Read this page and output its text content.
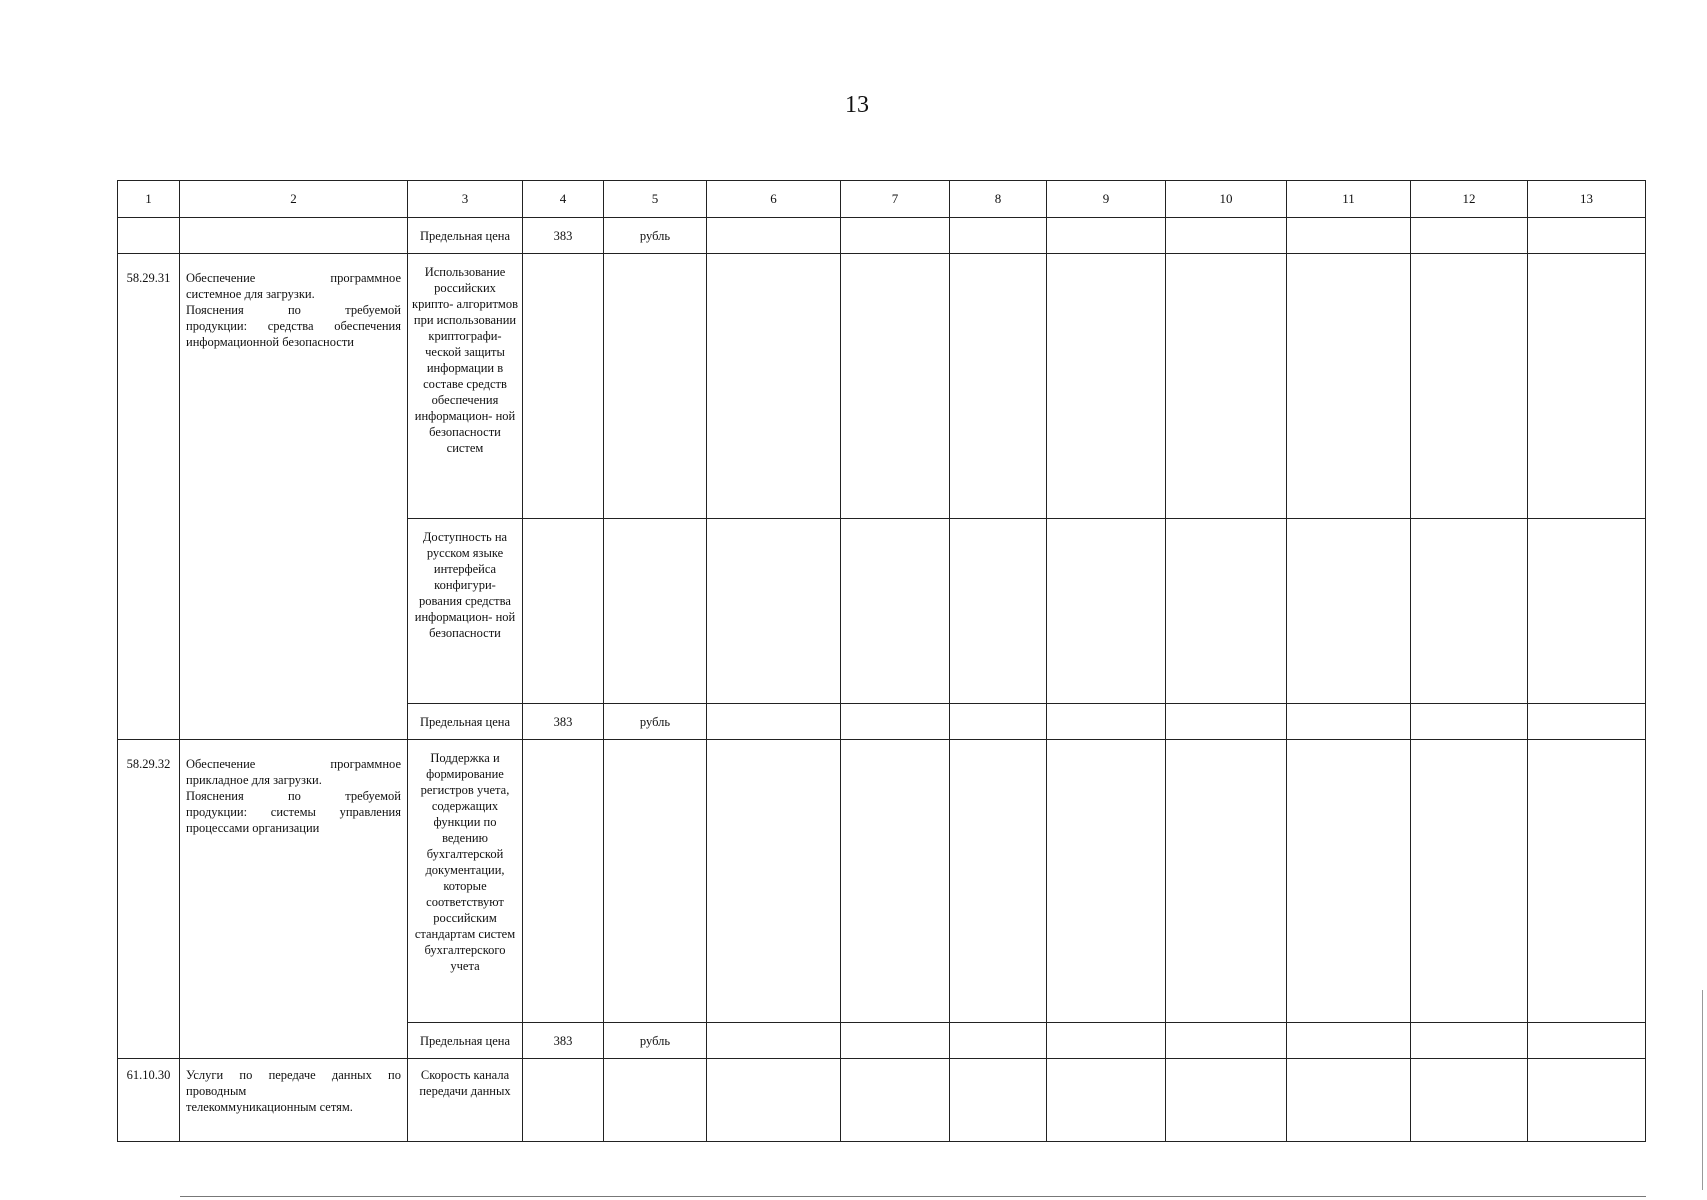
13
1	2	3	4	5	6	7	8	9	10	11	12	13
		Предельная цена	383	рубль								
58.29.31	Обеспечение программное
системное для загрузки.
Пояснения по требуемой
продукции: средства обеспечения
информационной безопасности	Использование российских крипто- алгоритмов при использовании криптографи- ческой защиты информации в составе средств обеспечения информацион- ной безопасности систем										
		Доступность на русском языке интерфейса конфигури- рования средства информацион- ной безопасности										
		Предельная цена	383	рубль								
58.29.32	Обеспечение программное
прикладное для загрузки.
Пояснения по требуемой
продукции: системы управления
процессами организации	Поддержка и формирование регистров учета, содержащих функции по ведению бухгалтерской документации, которые соответствуют российским стандартам систем бухгалтерского учета										
		Предельная цена	383	рубль								
61.10.30	Услуги по передаче данных по
проводным
телекоммуникационным сетям.	Скорость канала передачи данных										
